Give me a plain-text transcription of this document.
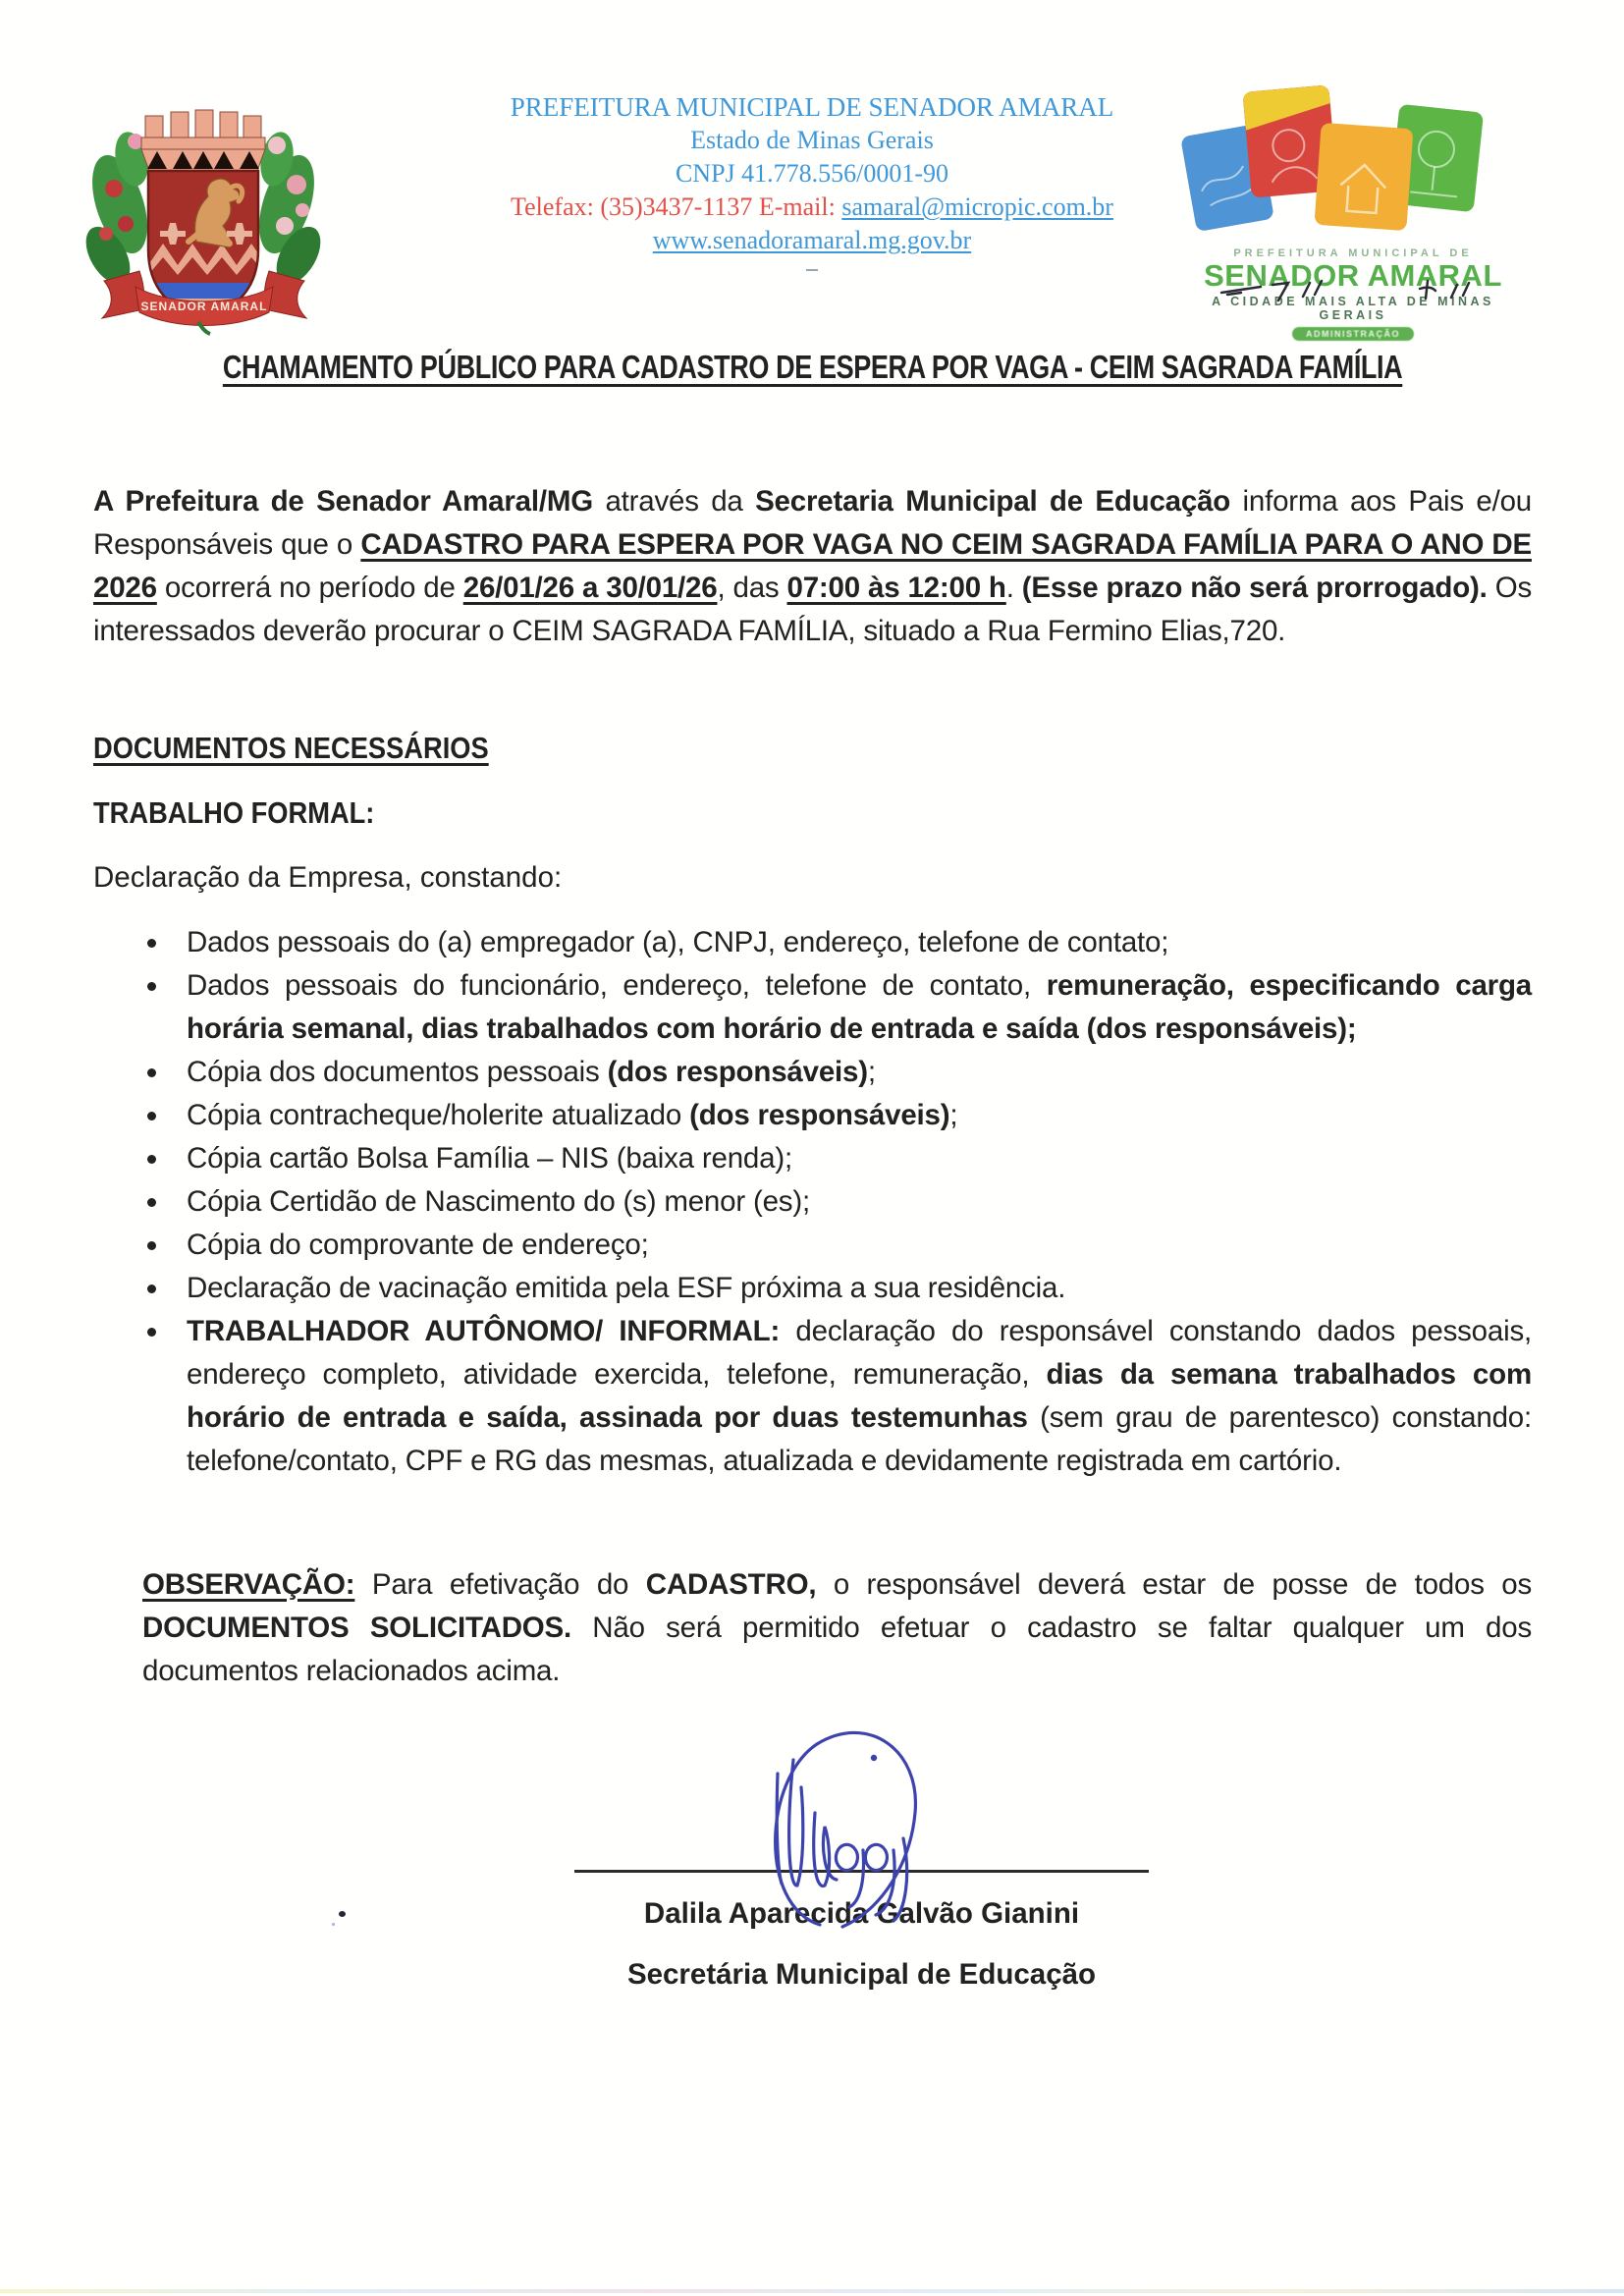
SENADOR AMARAL
PREFEITURA MUNICIPAL DE SENADOR AMARAL
Estado de Minas Gerais
CNPJ 41.778.556/0001-90
Telefax: (35)3437-1137 E-mail: samaral@micropic.com.br
www.senadoramaral.mg.gov.br	PREFEITURA MUNICIPAL DE
SENADOR AMARAL
A CIDADE MAIS ALTA DE MINAS GERAIS
ADMINISTRAÇÃO
CHAMAMENTO PÚBLICO PARA CADASTRO DE ESPERA POR VAGA - CEIM SAGRADA FAMÍLIA

A Prefeitura de Senador Amaral/MG através da Secretaria Municipal de Educação informa aos Pais e/ou Responsáveis que o CADASTRO PARA ESPERA POR VAGA NO CEIM SAGRADA FAMÍLIA PARA O ANO DE 2026 ocorrerá no período de 26/01/26 a 30/01/26, das 07:00 às 12:00 h. (Esse prazo não será prorrogado). Os interessados deverão procurar o CEIM SAGRADA FAMÍLIA, situado a Rua Fermino Elias,720.

DOCUMENTOS NECESSÁRIOS
TRABALHO FORMAL:
Declaração da Empresa, constando:
Dados pessoais do (a) empregador (a), CNPJ, endereço, telefone de contato;
Dados pessoais do funcionário, endereço, telefone de contato, remuneração, especificando carga horária semanal, dias trabalhados com horário de entrada e saída (dos responsáveis);
Cópia dos documentos pessoais (dos responsáveis);
Cópia contracheque/holerite atualizado (dos responsáveis);
Cópia cartão Bolsa Família – NIS (baixa renda);
Cópia Certidão de Nascimento do (s) menor (es);
Cópia do comprovante de endereço;
Declaração de vacinação emitida pela ESF próxima a sua residência.
TRABALHADOR AUTÔNOMO/ INFORMAL: declaração do responsável constando dados pessoais, endereço completo, atividade exercida, telefone, remuneração, dias da semana trabalhados com horário de entrada e saída, assinada por duas testemunhas (sem grau de parentesco) constando: telefone/contato, CPF e RG das mesmas, atualizada e devidamente registrada em cartório.

OBSERVAÇÃO: Para efetivação do CADASTRO, o responsável deverá estar de posse de todos os DOCUMENTOS SOLICITADOS. Não será permitido efetuar o cadastro se faltar qualquer um dos documentos relacionados acima.

Dalila Aparecida Galvão Gianini
Secretária Municipal de Educação
